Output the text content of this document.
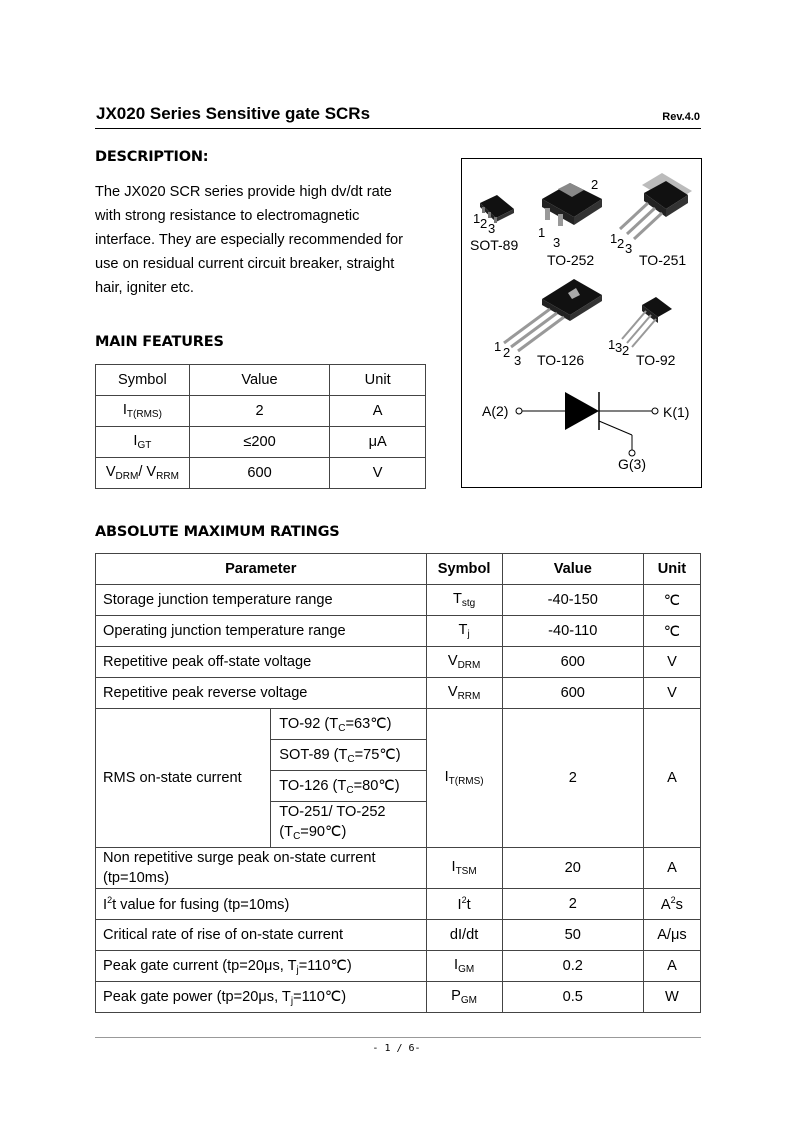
JX020 Series Sensitive gate SCRs	Rev.4.0
DESCRIPTION:
The JX020 SCR series provide high dv/dt rate
with strong resistance to electromagnetic
interface. They are especially recommended for
use on residual current circuit breaker, straight
hair, igniter etc.
1 2 3
SOT-89
2
1
3
TO-252
1 2 3
TO-251
1 2
3 TO-126
1 3 2
TO-92
A(2)	K(1)
G(3)
MAIN FEATURES
Symbol	Value	Unit
$I_{T(RMS)}$	2	A
$I_{GT}$	≤200	μA
$V_{DRM}/$ $V_{RRM}$	600	V
ABSOLUTE MAXIMUM RATINGS
Parameter		Symbol	Value	Unit
Storage junction temperature range		$T_{stg}$	-40-150	℃
Operating junction temperature range		$T_j$	-40-110	℃
Repetitive peak off-state voltage		$V_{DRM}$	600	V
Repetitive peak reverse voltage		$V_{RRM}$	600	V
RMS on-state current	TO-92 $(T_C=63℃)$	$I_{T(RMS)}$	2	A
	SOT-89 $(T_C=75℃)$			
	TO-126 $(T_C=80℃)$			

	TO-251/ TO-252
$(T_C=90℃)$			

Non repetitive surge peak on-state current
(tp=10ms)		$I_{TSM}$	20	A
$I^2t$ value for fusing (tp=10ms)		$I^2t$	2	$A^2s$
Critical rate of rise of on-state current		dI/dt	50	A/μs
Peak gate current (tp=20μs, $T_j=110℃$)		$I_{GM}$	0.2	A
Peak gate power (tp=20μs, $T_j=110℃$)		$P_{GM}$	0.5	W
- 1 / 6-
